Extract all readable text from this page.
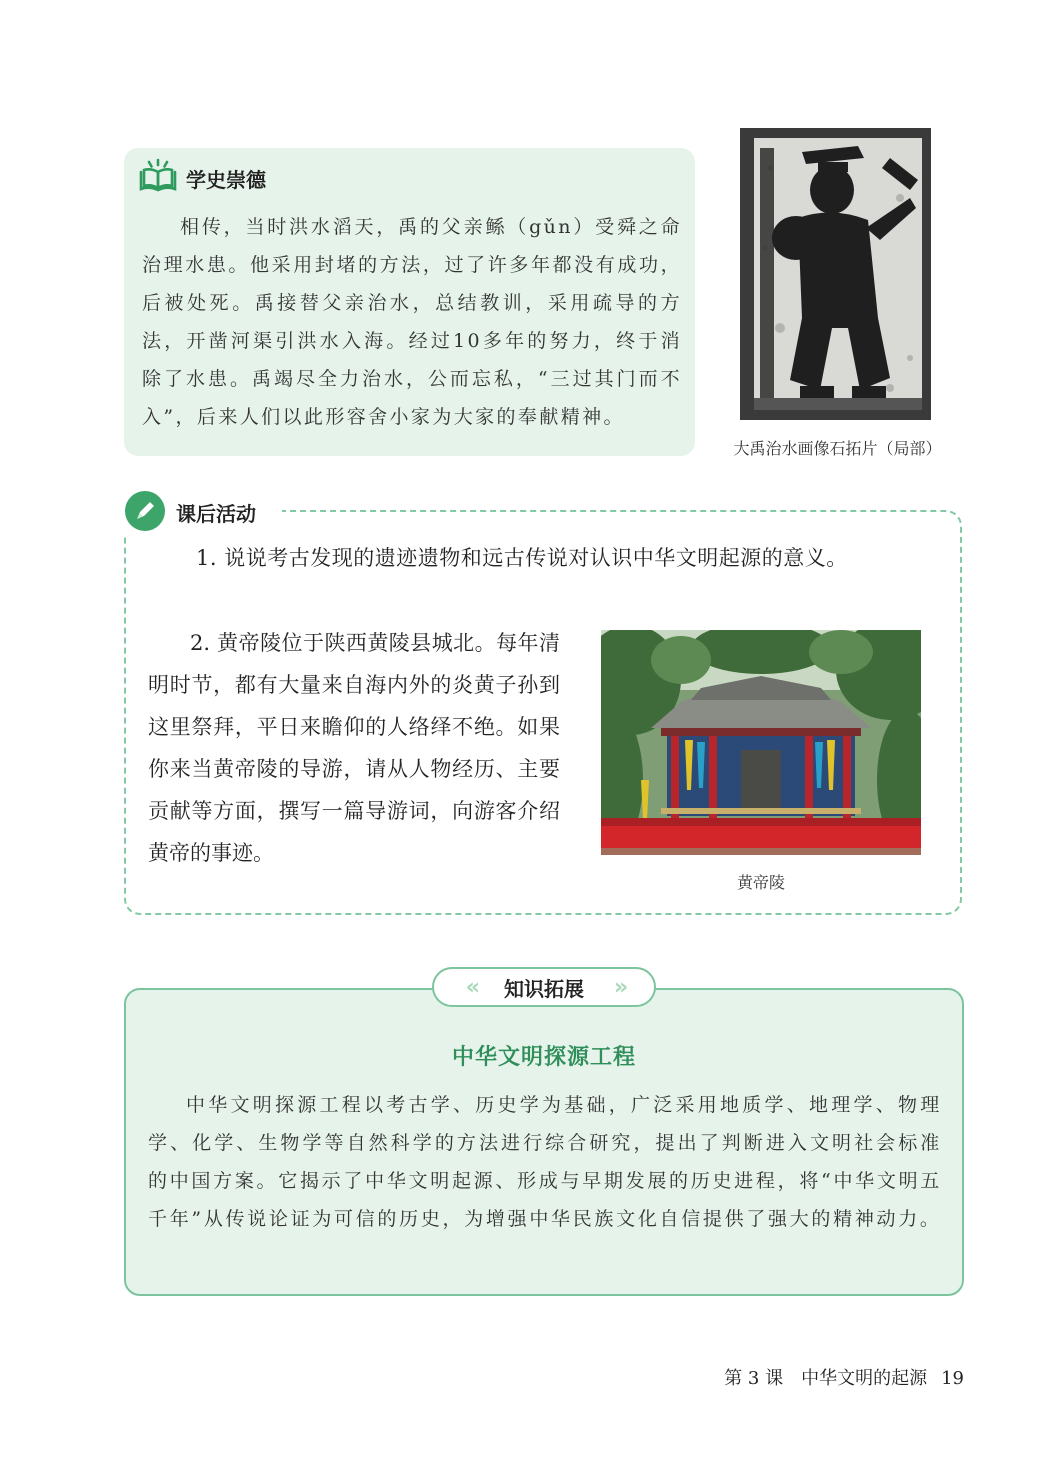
学史崇德
相传，当时洪水滔天，禹的父亲鲧（gǔn）受舜之命治理水患。他采用封堵的方法，过了许多年都没有成功，后被处死。禹接替父亲治水，总结教训，采用疏导的方法，开凿河渠引洪水入海。经过10多年的努力，终于消除了水患。禹竭尽全力治水，公而忘私，“三过其门而不入”，后来人们以此形容舍小家为大家的奉献精神。
大禹治水画像石拓片（局部）
课后活动
1. 说说考古发现的遗迹遗物和远古传说对认识中华文明起源的意义。
2. 黄帝陵位于陕西黄陵县城北。每年清明时节，都有大量来自海内外的炎黄子孙到这里祭拜，平日来瞻仰的人络绎不绝。如果你来当黄帝陵的导游，请从人物经历、主要贡献等方面，撰写一篇导游词，向游客介绍黄帝的事迹。
黄帝陵
« 知识拓展 »
中华文明探源工程
中华文明探源工程以考古学、历史学为基础，广泛采用地质学、地理学、物理学、化学、生物学等自然科学的方法进行综合研究，提出了判断进入文明社会标准的中国方案。它揭示了中华文明起源、形成与早期发展的历史进程，将“中华文明五千年”从传说论证为可信的历史，为增强中华民族文化自信提供了强大的精神动力。
第 3 课　中华文明的起源 19
